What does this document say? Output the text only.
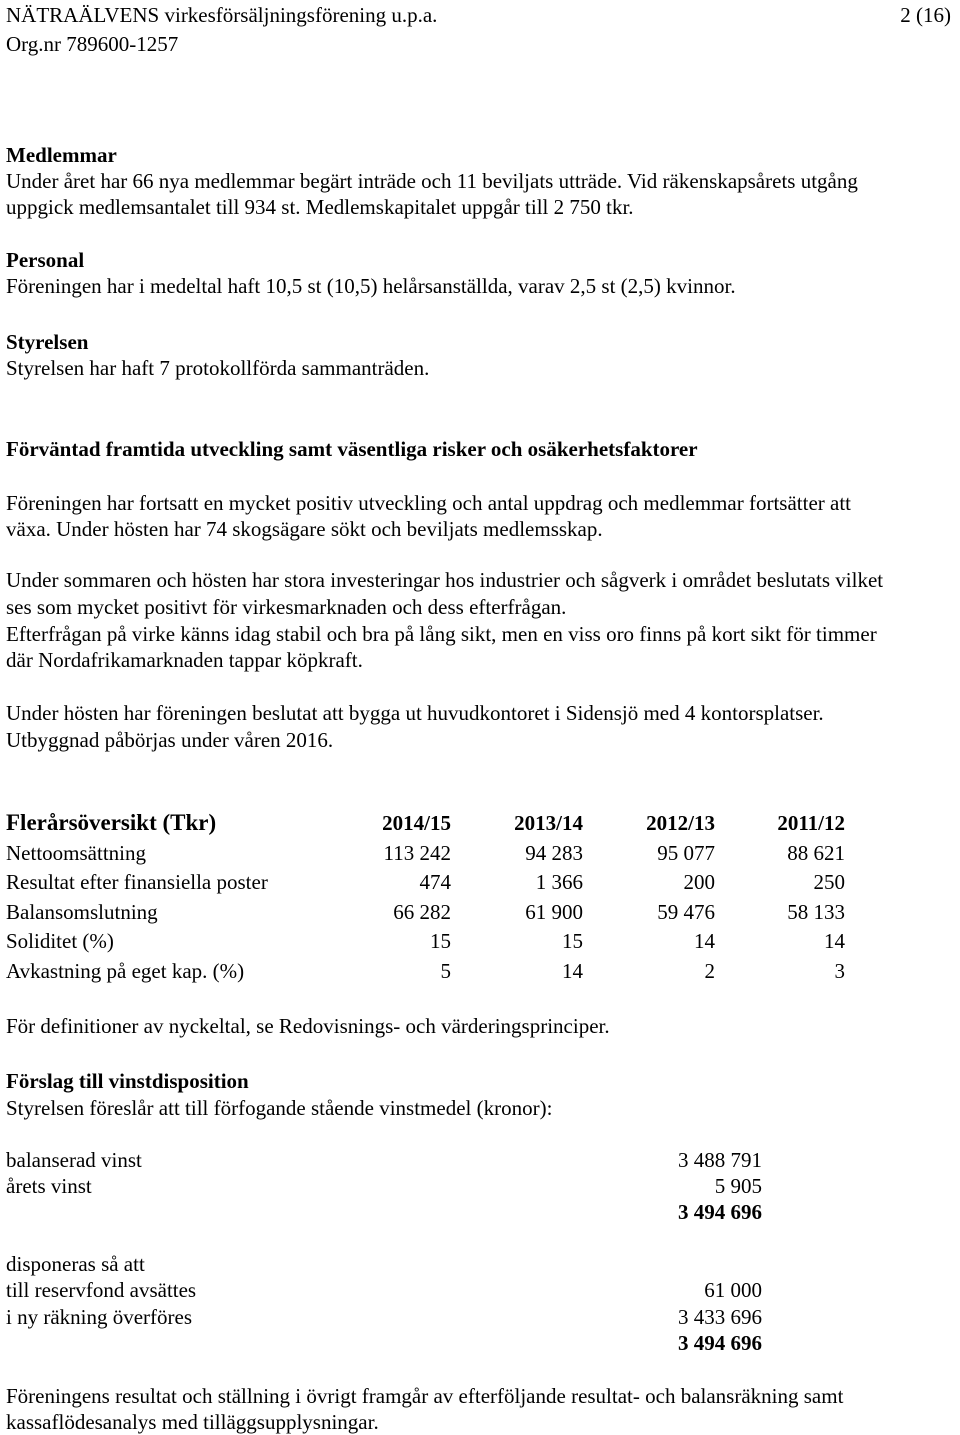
NÄTRAÄLVENS virkesförsäljningsförening u.p.a.	2 (16)
Org.nr 789600-1257
Medlemmar
Under året har 66 nya medlemmar begärt inträde och 11 beviljats utträde. Vid räkenskapsårets utgång
uppgick medlemsantalet till 934 st. Medlemskapitalet uppgår till 2 750 tkr.
Personal
Föreningen har i medeltal haft 10,5 st (10,5) helårsanställda, varav 2,5 st (2,5) kvinnor.
Styrelsen
Styrelsen har haft 7 protokollförda sammanträden.
Förväntad framtida utveckling samt väsentliga risker och osäkerhetsfaktorer
Föreningen har fortsatt en mycket positiv utveckling och antal uppdrag och medlemmar fortsätter att
växa. Under hösten har 74 skogsägare sökt och beviljats medlemsskap.
Under sommaren och hösten har stora investeringar hos industrier och sågverk i området beslutats vilket
ses som mycket positivt för virkesmarknaden och dess efterfrågan.
Efterfrågan på virke känns idag stabil och bra på lång sikt, men en viss oro finns på kort sikt för timmer
där Nordafrikamarknaden tappar köpkraft.
Under hösten har föreningen beslutat att bygga ut huvudkontoret i Sidensjö med 4 kontorsplatser.
Utbyggnad påbörjas under våren 2016.
Flerårsöversikt (Tkr)	2014/15	2013/14	2012/13	2011/12
Nettoomsättning	113 242	94 283	95 077	88 621
Resultat efter finansiella poster	474	1 366	200	250
Balansomslutning	66 282	61 900	59 476	58 133
Soliditet (%)	15	15	14	14
Avkastning på eget kap. (%)	5	14	2	3
För definitioner av nyckeltal, se Redovisnings- och värderingsprinciper.
Förslag till vinstdisposition
Styrelsen föreslår att till förfogande stående vinstmedel (kronor):
balanserad vinst	3 488 791
årets vinst	5 905
3 494 696
disponeras så att
till reservfond avsättes	61 000
i ny räkning överföres	3 433 696
3 494 696
Föreningens resultat och ställning i övrigt framgår av efterföljande resultat- och balansräkning samt
kassaflödesanalys med tilläggsupplysningar.
